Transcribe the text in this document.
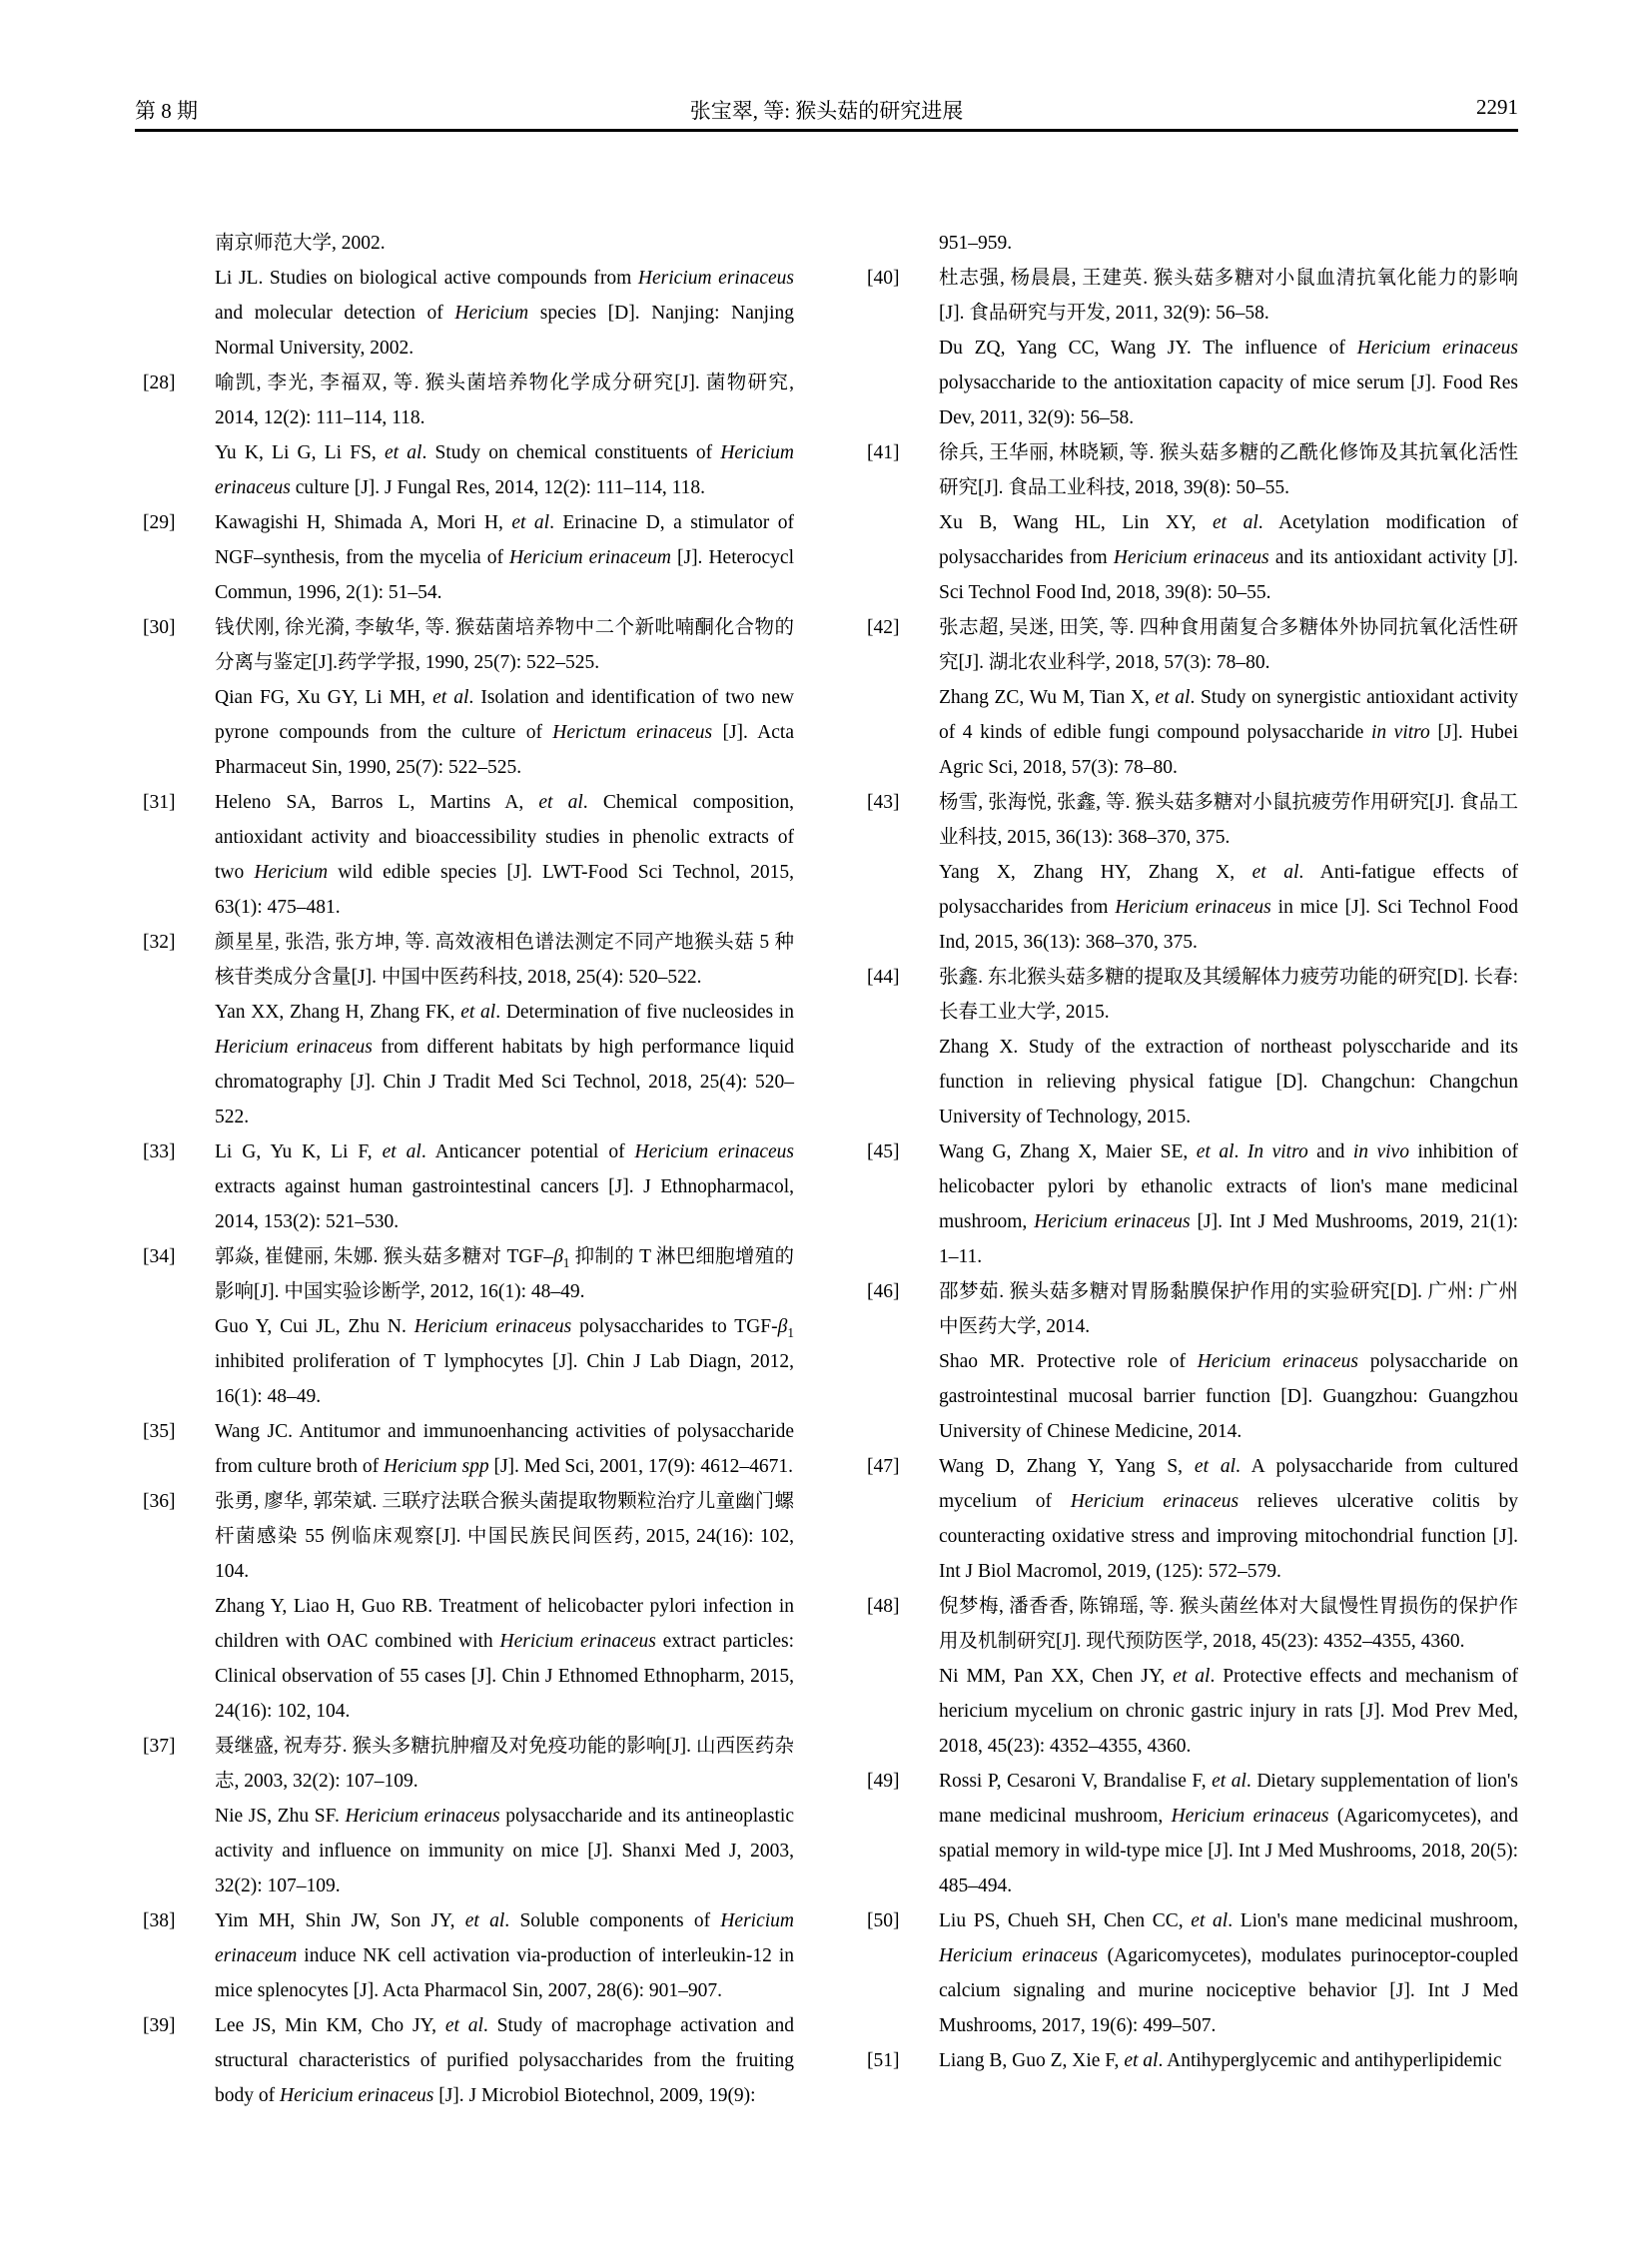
第 8 期	张宝翠, 等: 猴头菇的研究进展	2291

南京师范大学, 2002.

Li JL. Studies on biological active compounds from Hericium erinaceus and molecular detection of Hericium species [D]. Nanjing: Nanjing Normal University, 2002.

[28] 喻凯, 李光, 李福双, 等. 猴头菌培养物化学成分研究[J]. 菌物研究, 2014, 12(2): 111–114, 118.

Yu K, Li G, Li FS, et al. Study on chemical constituents of Hericium erinaceus culture [J]. J Fungal Res, 2014, 12(2): 111–114, 118.

[29] Kawagishi H, Shimada A, Mori H, et al. Erinacine D, a stimulator of NGF–synthesis, from the mycelia of Hericium erinaceum [J]. Heterocycl Commun, 1996, 2(1): 51–54.

[30] 钱伏刚, 徐光漪, 李敏华, 等. 猴菇菌培养物中二个新吡喃酮化合物的分离与鉴定[J].药学学报, 1990, 25(7): 522–525.

Qian FG, Xu GY, Li MH, et al. Isolation and identification of two new pyrone compounds from the culture of Herictum erinaceus [J]. Acta Pharmaceut Sin, 1990, 25(7): 522–525.

[31] Heleno SA, Barros L, Martins A, et al. Chemical composition, antioxidant activity and bioaccessibility studies in phenolic extracts of two Hericium wild edible species [J]. LWT-Food Sci Technol, 2015, 63(1): 475–481.

[32] 颜星星, 张浩, 张方坤, 等. 高效液相色谱法测定不同产地猴头菇 5 种核苷类成分含量[J]. 中国中医药科技, 2018, 25(4): 520–522.

Yan XX, Zhang H, Zhang FK, et al. Determination of five nucleosides in Hericium erinaceus from different habitats by high performance liquid chromatography [J]. Chin J Tradit Med Sci Technol, 2018, 25(4): 520–522.

[33] Li G, Yu K, Li F, et al. Anticancer potential of Hericium erinaceus extracts against human gastrointestinal cancers [J]. J Ethnopharmacol, 2014, 153(2): 521–530.

[34] 郭焱, 崔健丽, 朱娜. 猴头菇多糖对 TGF–$\beta_1$ 抑制的 T 淋巴细胞增殖的影响[J]. 中国实验诊断学, 2012, 16(1): 48–49.

Guo Y, Cui JL, Zhu N. Hericium erinaceus polysaccharides to TGF-$\beta_1$ inhibited proliferation of T lymphocytes [J]. Chin J Lab Diagn, 2012, 16(1): 48–49.

[35] Wang JC. Antitumor and immunoenhancing activities of polysaccharide from culture broth of Hericium spp [J]. Med Sci, 2001, 17(9): 4612–4671.

[36] 张勇, 廖华, 郭荣斌. 三联疗法联合猴头菌提取物颗粒治疗儿童幽门螺杆菌感染 55 例临床观察[J]. 中国民族民间医药, 2015, 24(16): 102, 104.

Zhang Y, Liao H, Guo RB. Treatment of helicobacter pylori infection in children with OAC combined with Hericium erinaceus extract particles: Clinical observation of 55 cases [J]. Chin J Ethnomed Ethnopharm, 2015, 24(16): 102, 104.

[37] 聂继盛, 祝寿芬. 猴头多糖抗肿瘤及对免疫功能的影响[J]. 山西医药杂志, 2003, 32(2): 107–109.

Nie JS, Zhu SF. Hericium erinaceus polysaccharide and its antineoplastic activity and influence on immunity on mice [J]. Shanxi Med J, 2003, 32(2): 107–109.

[38] Yim MH, Shin JW, Son JY, et al. Soluble components of Hericium erinaceum induce NK cell activation via-production of interleukin-12 in mice splenocytes [J]. Acta Pharmacol Sin, 2007, 28(6): 901–907.

[39] Lee JS, Min KM, Cho JY, et al. Study of macrophage activation and structural characteristics of purified polysaccharides from the fruiting body of Hericium erinaceus [J]. J Microbiol Biotechnol, 2009, 19(9):

951–959.

[40] 杜志强, 杨晨晨, 王建英. 猴头菇多糖对小鼠血清抗氧化能力的影响[J]. 食品研究与开发, 2011, 32(9): 56–58.

Du ZQ, Yang CC, Wang JY. The influence of Hericium erinaceus polysaccharide to the antioxitation capacity of mice serum [J]. Food Res Dev, 2011, 32(9): 56–58.

[41] 徐兵, 王华丽, 林晓颖, 等. 猴头菇多糖的乙酰化修饰及其抗氧化活性研究[J]. 食品工业科技, 2018, 39(8): 50–55.

Xu B, Wang HL, Lin XY, et al. Acetylation modification of polysaccharides from Hericium erinaceus and its antioxidant activity [J]. Sci Technol Food Ind, 2018, 39(8): 50–55.

[42] 张志超, 吴迷, 田笑, 等. 四种食用菌复合多糖体外协同抗氧化活性研究[J]. 湖北农业科学, 2018, 57(3): 78–80.

Zhang ZC, Wu M, Tian X, et al. Study on synergistic antioxidant activity of 4 kinds of edible fungi compound polysaccharide in vitro [J]. Hubei Agric Sci, 2018, 57(3): 78–80.

[43] 杨雪, 张海悦, 张鑫, 等. 猴头菇多糖对小鼠抗疲劳作用研究[J]. 食品工业科技, 2015, 36(13): 368–370, 375.

Yang X, Zhang HY, Zhang X, et al. Anti-fatigue effects of polysaccharides from Hericium erinaceus in mice [J]. Sci Technol Food Ind, 2015, 36(13): 368–370, 375.

[44] 张鑫. 东北猴头菇多糖的提取及其缓解体力疲劳功能的研究[D]. 长春: 长春工业大学, 2015.

Zhang X. Study of the extraction of northeast polysccharide and its function in relieving physical fatigue [D]. Changchun: Changchun University of Technology, 2015.

[45] Wang G, Zhang X, Maier SE, et al. In vitro and in vivo inhibition of helicobacter pylori by ethanolic extracts of lion's mane medicinal mushroom, Hericium erinaceus [J]. Int J Med Mushrooms, 2019, 21(1): 1–11.

[46] 邵梦茹. 猴头菇多糖对胃肠黏膜保护作用的实验研究[D]. 广州: 广州中医药大学, 2014.

Shao MR. Protective role of Hericium erinaceus polysaccharide on gastrointestinal mucosal barrier function [D]. Guangzhou: Guangzhou University of Chinese Medicine, 2014.

[47] Wang D, Zhang Y, Yang S, et al. A polysaccharide from cultured mycelium of Hericium erinaceus relieves ulcerative colitis by counteracting oxidative stress and improving mitochondrial function [J]. Int J Biol Macromol, 2019, (125): 572–579.

[48] 倪梦梅, 潘香香, 陈锦瑶, 等. 猴头菌丝体对大鼠慢性胃损伤的保护作用及机制研究[J]. 现代预防医学, 2018, 45(23): 4352–4355, 4360.

Ni MM, Pan XX, Chen JY, et al. Protective effects and mechanism of hericium mycelium on chronic gastric injury in rats [J]. Mod Prev Med, 2018, 45(23): 4352–4355, 4360.

[49] Rossi P, Cesaroni V, Brandalise F, et al. Dietary supplementation of lion's mane medicinal mushroom, Hericium erinaceus (Agaricomycetes), and spatial memory in wild-type mice [J]. Int J Med Mushrooms, 2018, 20(5): 485–494.

[50] Liu PS, Chueh SH, Chen CC, et al. Lion's mane medicinal mushroom, Hericium erinaceus (Agaricomycetes), modulates purinoceptor-coupled calcium signaling and murine nociceptive behavior [J]. Int J Med Mushrooms, 2017, 19(6): 499–507.

[51] Liang B, Guo Z, Xie F, et al. Antihyperglycemic and antihyperlipidemic
